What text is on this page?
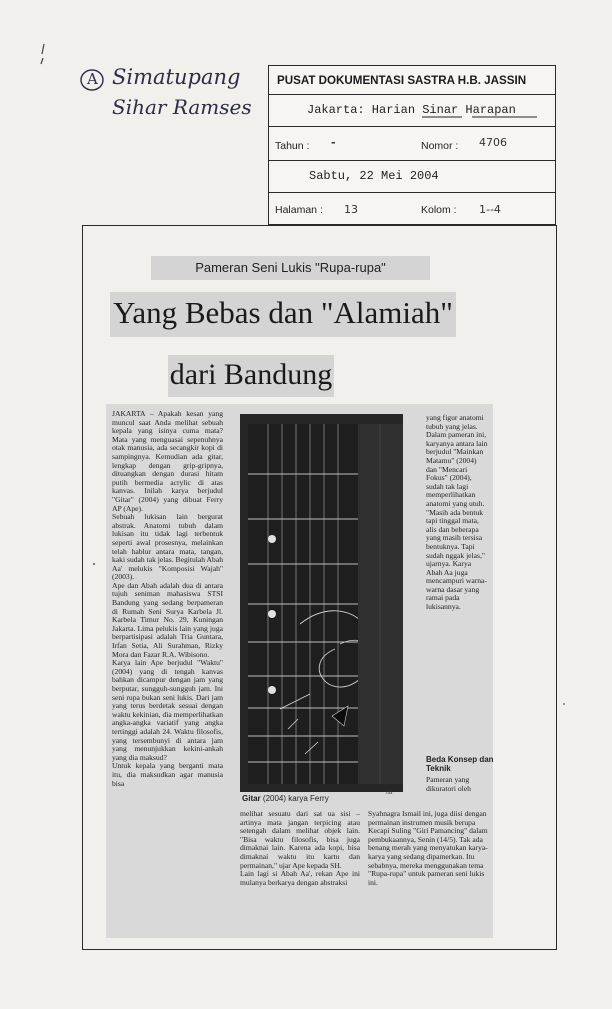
A Simatupang
Sihar Ramses
PUSAT DOKUMENTASI SASTRA H.B. JASSIN
Jakarta: Harian Sinar Harapan
Tahun : -	Nomor : 4706
Sabtu, 22 Mei 2004
Halaman : 13	Kolom : 1--4
Pameran Seni Lukis "Rupa-rupa"
Yang Bebas dan "Alamiah"
dari Bandung
JAKARTA – Apakah kesan yang muncul saat Anda melihat sebuah kepala yang isinya cuma mata? Mata yang menguasai sepenuhnya otak manusia, ada secangkir kopi di sampingnya. Kemudian ada gitar, lengkap dengan grip-gripnya, dituangkan dengan durasi hitam putih bermedia acrylic di atas kanvas. Inilah karya berjudul "Gitar" (2004) yang dibuat Ferry AP (Ape).
Sebuah lukisan lain bergurat abstrak. Anatomi tubuh dalam lukisan itu tidak lagi terbentuk seperti awal prosesnya, melainkan telah hablur antara mata, tangan, kaki sudah tak jelas. Begitulah Abah Aa' melukis "Komposisi Wajah" (2003).
Ape dan Abah adalah dua di antara tujuh seniman mahasiswa STSI Bandung yang sedang berpameran di Rumah Seni Surya Karbela Jl. Karbela Timur No. 29, Kuningan Jakarta. Lima pelukis lain yang juga berpartisipasi adalah Tria Guntara, Irfan Setia, Ali Surahman, Rizky Mora dan Fazar R.A. Wibisono.
Karya lain Ape berjudul "Waktu" (2004) yang di tengah kanvas bahkan dicampur dengan jam yang berputar, sungguh-sungguh jam. Ini seni rupa bukan seni lukis. Dari jam yang terus berdetak sesuai dengan waktu kekinian, dia memperlihatkan angka-angka variatif yang angka tertinggi adalah 24. Waktu filosofis, yang tersembunyi di antara jam yang menunjukkan kekini-ankah yang dia maksud?
Untuk kepala yang berganti mata itu, dia maksudkan agar manusia bisa
Gitar (2004) karya Ferry
Ist
melihat sesuatu dari sat ua sisi – artinya mata jangan terpicing atau setengah dalam melihat objek lain. "Bisa waktu filosofis, bisa juga dimaknai lain. Karena ada kopi, bisa dimaknai waktu itu kartu dan permainan," ujar Ape kepada SH.
Lain lagi si Abah Aa', rekan Ape ini mulanya berkarya dengan abstraksi
yang figur anatomi tubuh yang jelas. Dalam pameran ini, karyanya antara lain berjudul "Mainkan Matamu" (2004) dan "Mencari Fokus" (2004), sudah tak lagi memperlihatkan anatomi yang utuh. "Masih ada bentuk tapi tinggal mata, alis dan beberapa yang masih tersisa bentuknya. Tapi sudah nggak jelas," ujarnya. Karya Abah Aa juga mencampuri warna-warna dasar yang ramai pada lukisannya.
Beda Konsep dan Teknik
Pameran yang dikuratori oleh
Syahnagra Ismail ini, juga diisi dengan permainan instrumen musik berupa Kecapi Suling "Giri Pamancing" dalam pembukaannya, Senin (14/5). Tak ada benang merah yang menyatukan karya-karya yang sedang dipamerkan. Itu sebabnya, mereka menggunakan tema "Rupa-rupa" untuk pameran seni lukis ini.
